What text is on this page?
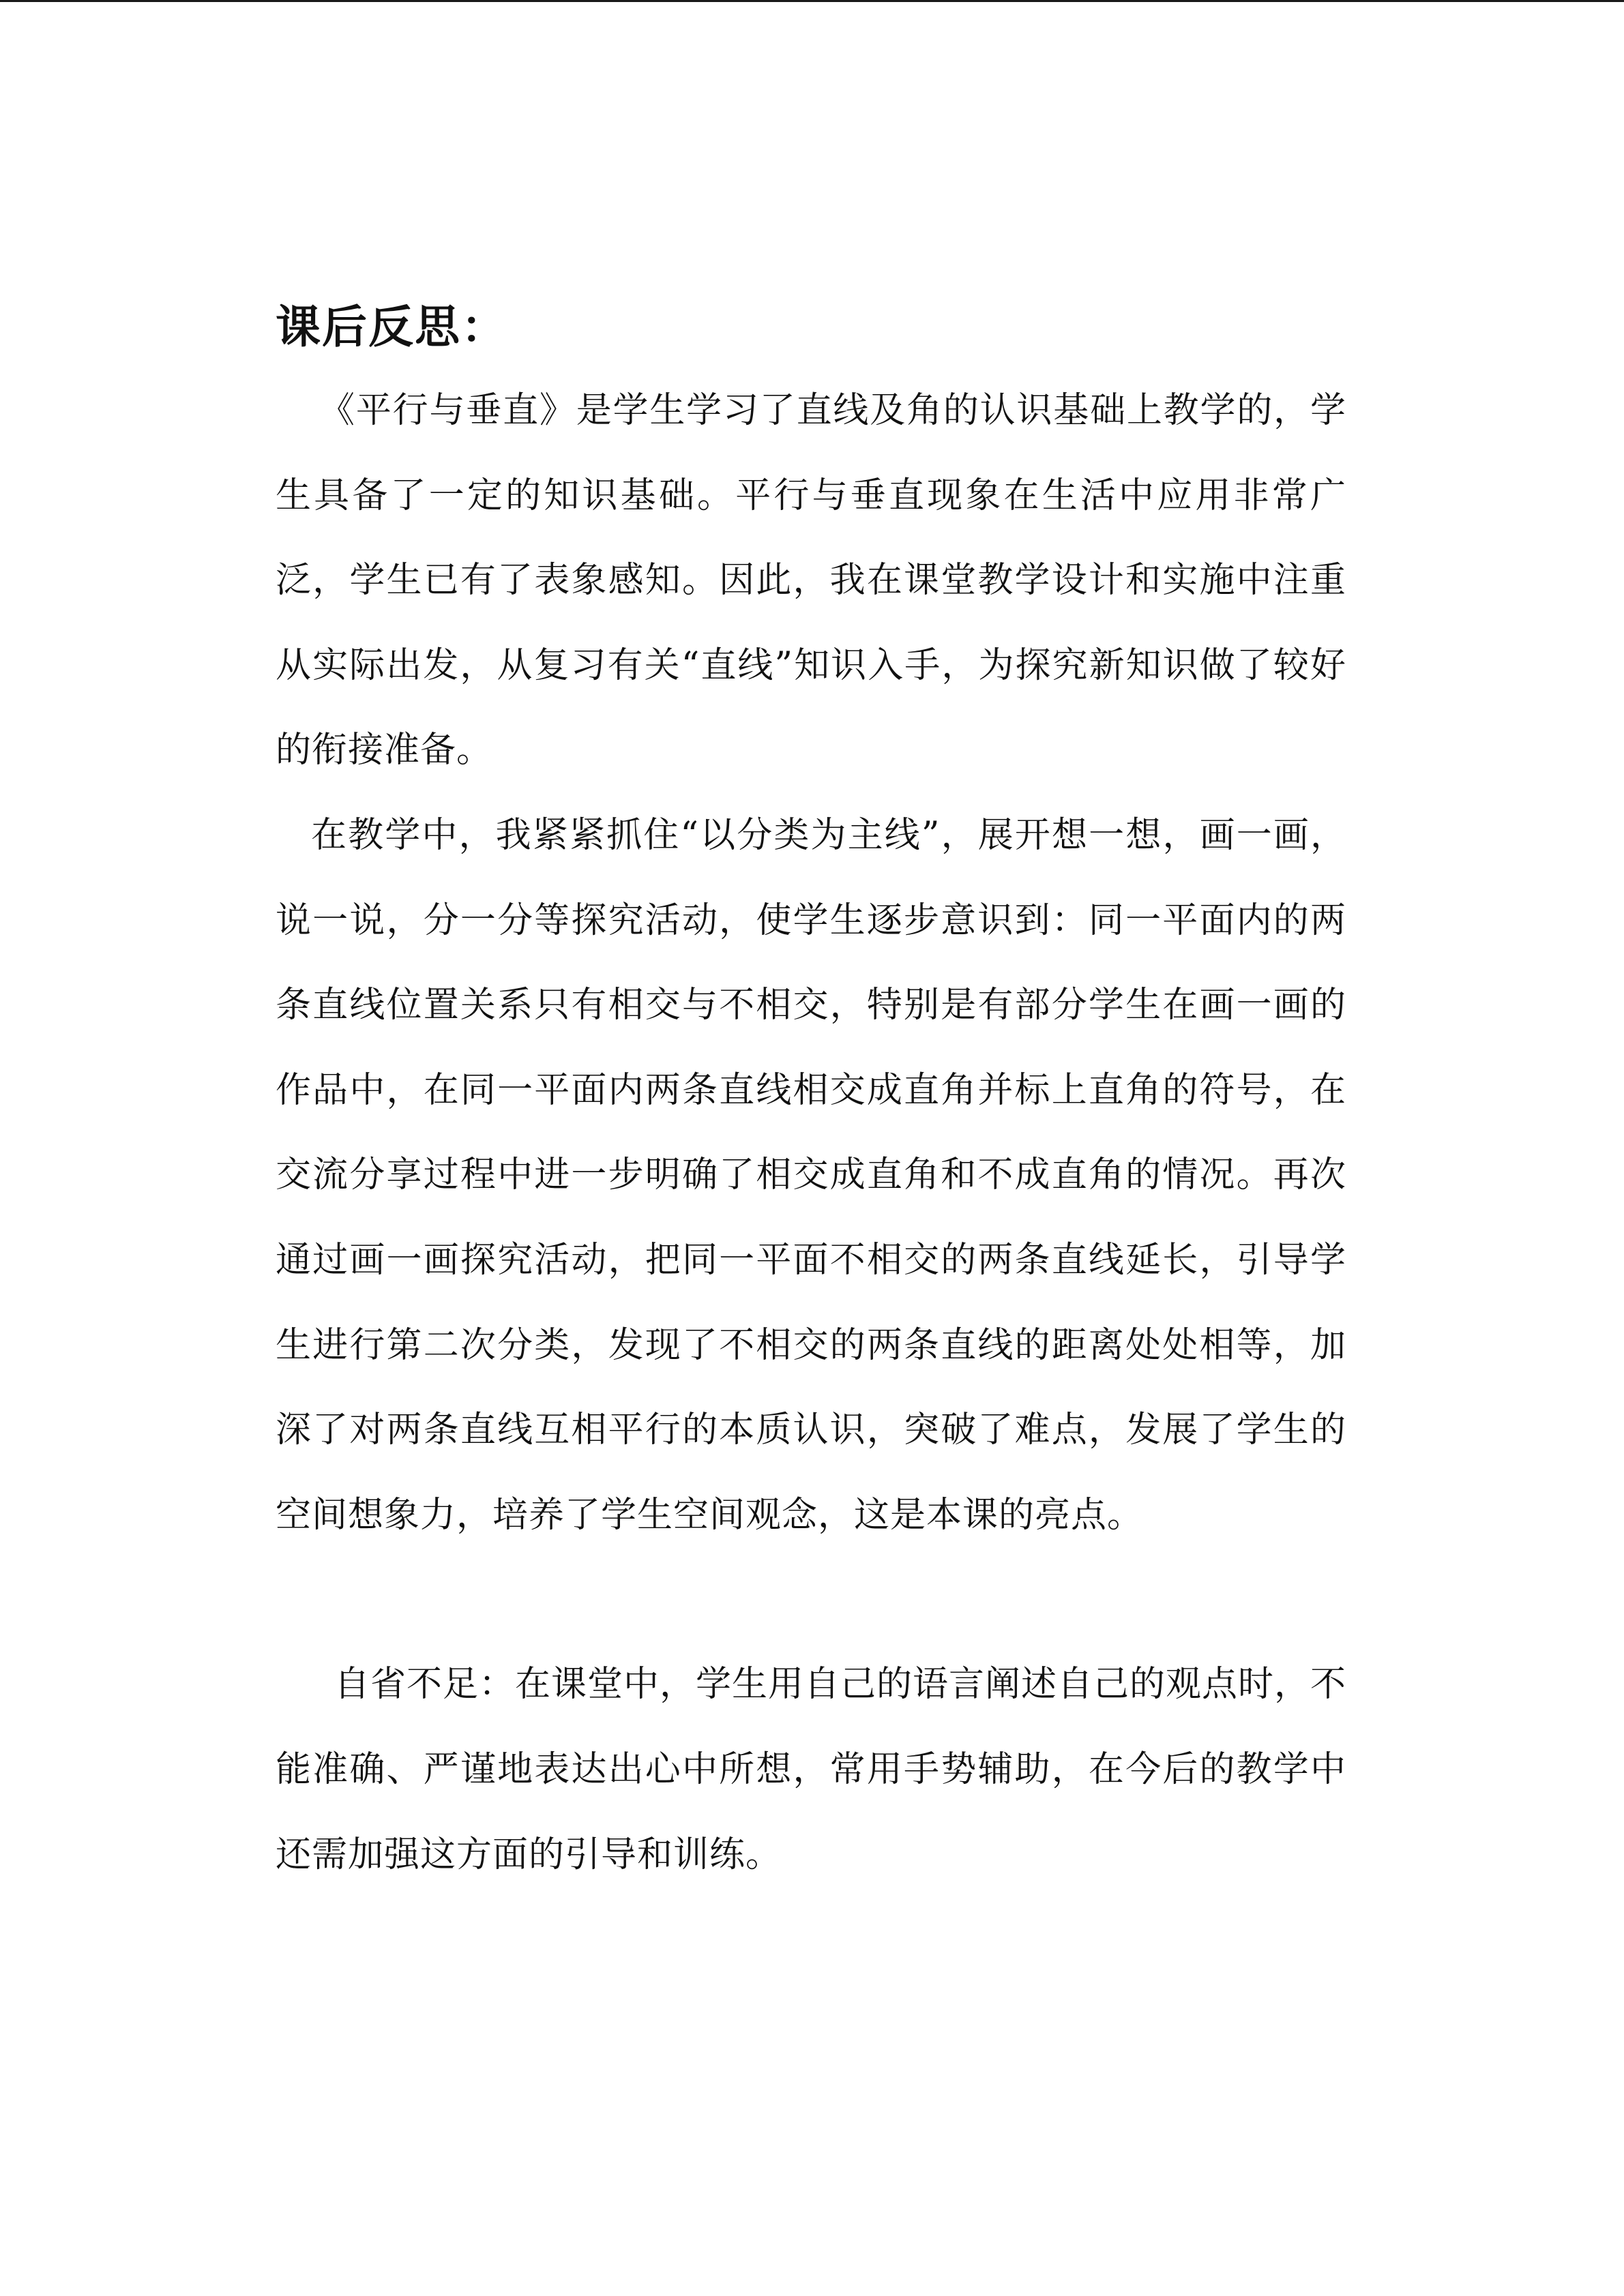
课后反思：

《平行与垂直》是学生学习了直线及角的认识基础上教学的，学生具备了一定的知识基础。平行与垂直现象在生活中应用非常广泛，学生已有了表象感知。因此，我在课堂教学设计和实施中注重从实际出发，从复习有关“直线”知识入手，为探究新知识做了较好的衔接准备。

在教学中，我紧紧抓住“以分类为主线”，展开想一想，画一画，说一说，分一分等探究活动，使学生逐步意识到：同一平面内的两条直线位置关系只有相交与不相交，特别是有部分学生在画一画的作品中，在同一平面内两条直线相交成直角并标上直角的符号，在交流分享过程中进一步明确了相交成直角和不成直角的情况。再次通过画一画探究活动，把同一平面不相交的两条直线延长，引导学生进行第二次分类，发现了不相交的两条直线的距离处处相等，加深了对两条直线互相平行的本质认识，突破了难点，发展了学生的空间想象力，培养了学生空间观念，这是本课的亮点。

自省不足：在课堂中，学生用自己的语言阐述自己的观点时，不能准确、严谨地表达出心中所想，常用手势辅助，在今后的教学中还需加强这方面的引导和训练。
